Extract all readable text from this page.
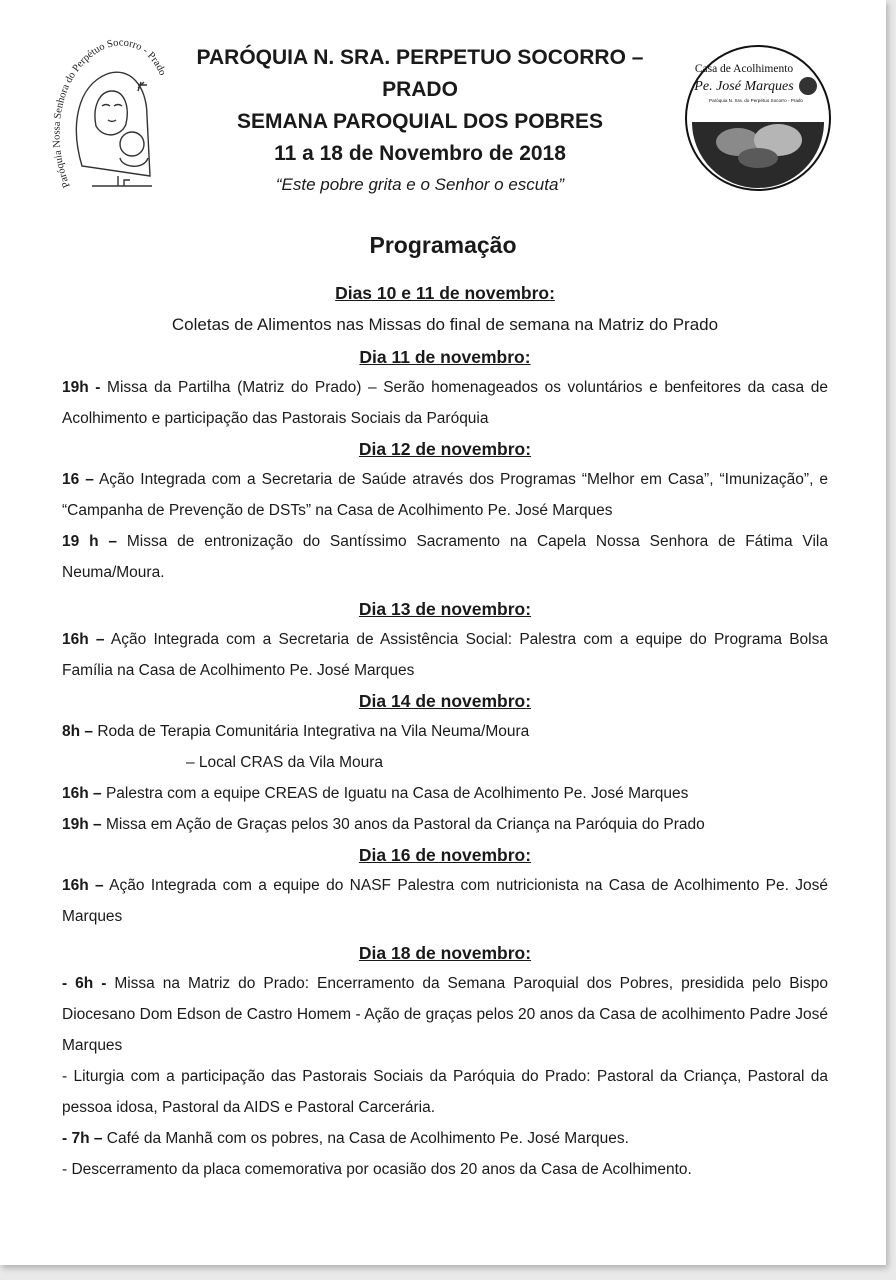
Paróquia Nossa Senhora do Perpétuo Socorro - Prado
PARÓQUIA N. SRA. PERPETUO SOCORRO –
PRADO
SEMANA PAROQUIAL DOS POBRES
11 a 18 de Novembro de 2018
“Este pobre grita e o Senhor o escuta”
Casa de Acolhimento
Pe. José Marques
Paróquia N. Sra. do Perpétuo Socorro - Prado
Programação

Dias 10 e 11 de novembro:

Coletas de Alimentos nas Missas do final de semana na Matriz do Prado

Dia 11 de novembro:

19h - Missa da Partilha (Matriz do Prado) – Serão homenageados os voluntários e benfeitores da casa de Acolhimento e participação das Pastorais Sociais da Paróquia

Dia 12 de novembro:

16 – Ação Integrada com a Secretaria de Saúde através dos Programas “Melhor em Casa”, “Imunização”, e “Campanha de Prevenção de DSTs” na Casa de Acolhimento Pe. José Marques

19 h – Missa de entronização do Santíssimo Sacramento na Capela Nossa Senhora de Fátima Vila Neuma/Moura.

Dia 13 de novembro:

16h – Ação Integrada com a Secretaria de Assistência Social: Palestra com a equipe do Programa Bolsa Família na Casa de Acolhimento Pe. José Marques

Dia 14 de novembro:

8h – Roda de Terapia Comunitária Integrativa na Vila Neuma/Moura

– Local CRAS da Vila Moura

16h – Palestra com a equipe CREAS de Iguatu na Casa de Acolhimento Pe. José Marques

19h – Missa em Ação de Graças pelos 30 anos da Pastoral da Criança na Paróquia do Prado

Dia 16 de novembro:

16h – Ação Integrada com a equipe do NASF Palestra com nutricionista na Casa de Acolhimento Pe. José Marques

Dia 18 de novembro:

- 6h - Missa na Matriz do Prado: Encerramento da Semana Paroquial dos Pobres, presidida pelo Bispo Diocesano Dom Edson de Castro Homem - Ação de graças pelos 20 anos da Casa de acolhimento Padre José Marques

- Liturgia com a participação das Pastorais Sociais da Paróquia do Prado: Pastoral da Criança, Pastoral da pessoa idosa, Pastoral da AIDS e Pastoral Carcerária.

- 7h – Café da Manhã com os pobres, na Casa de Acolhimento Pe. José Marques.

- Descerramento da placa comemorativa por ocasião dos 20 anos da Casa de Acolhimento.
